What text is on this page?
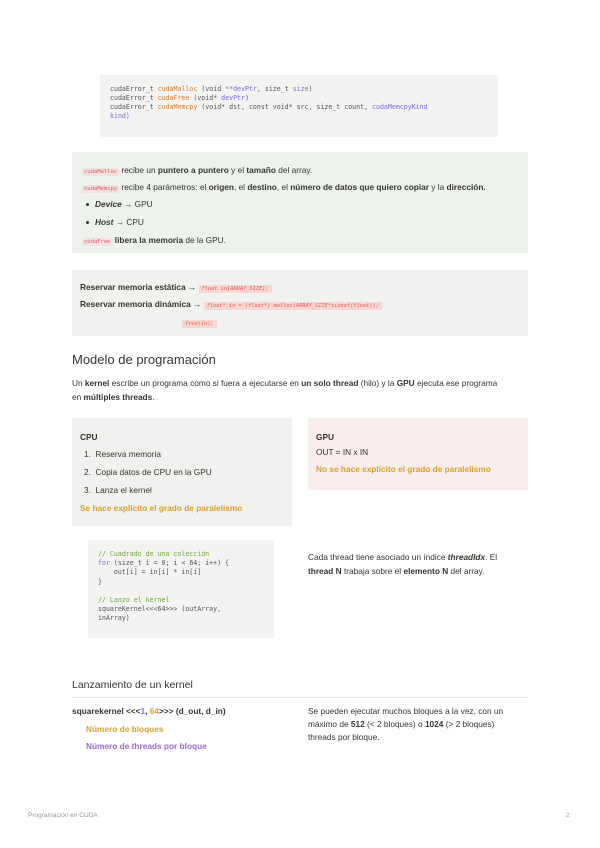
cudaError_t cudaMalloc (void **devPtr, size_t size)
cudaError_t cudaFree (void* devPtr)
cudaError_t cudaMemcpy (void* dst, const void* src, size_t count, cudaMemcpyKind
kind)
cudaMalloc recibe un puntero a puntero y el tamaño del array.
cudaMemcpy recibe 4 parámetros: el origen, el destino, el número de datos que quiero copiar y la dirección.
Device → GPU
Host → CPU
cudaFree libera la memoria de la GPU.
Reservar memoria estática → float in[ARRAY_SIZE];
Reservar memoria dinámica → float* in = (float*) malloc(ARRAY_SIZE*sizeof(float));
free(in);
Modelo de programación
Un kernel escribe un programa como si fuera a ejecutarse en un solo thread (hilo) y la GPU ejecuta ese programa
en múltiples threads.
CPU
1.  Reserva memoria
2.  Copia datos de CPU en la GPU
3.  Lanza el kernel
Se hace explícito el grado de paralelismo
GPU
OUT = IN x IN
No se hace explícito el grado de paralelismo
// Cuadrado de una colección
for (size_t i = 0; i < 64; i++) {
out[i] = in[i] * in[i]
}

// Lanzo el kernel
squareKernel<<<64>>> (outArray,
inArray)
Cada thread tiene asociado un índice threadIdx. El
thread N trabaja sobre el elemento N del array.
Lanzamiento de un kernel
squarekernel <<<1, 64>>> (d_out, d_in)
Número de bloques
Número de threads por bloque
Se pueden ejecutar muchos bloques a la vez, con un
máximo de 512 (< 2 bloques) o 1024 (> 2 bloques)
threads por bloque.
Programación en CUDA	2
